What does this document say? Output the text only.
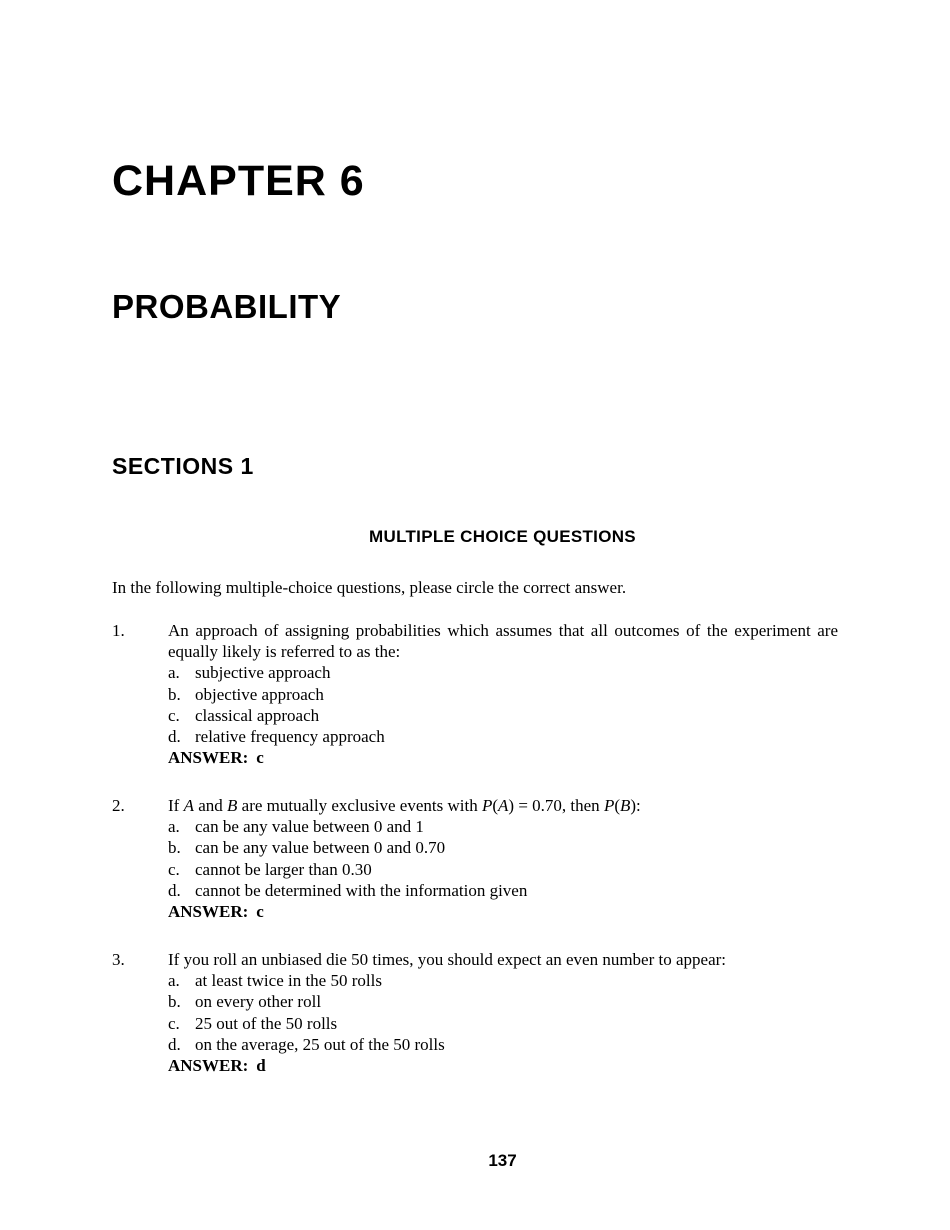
CHAPTER 6
PROBABILITY
SECTIONS 1
MULTIPLE CHOICE QUESTIONS
In the following multiple-choice questions, please circle the correct answer.
1.	An approach of assigning probabilities which assumes that all outcomes of the experiment are equally likely is referred to as the:
a. subjective approach
b. objective approach
c. classical approach
d. relative frequency approach
ANSWER: c
2.	If A and B are mutually exclusive events with P(A) = 0.70, then P(B):
a. can be any value between 0 and 1
b. can be any value between 0 and 0.70
c. cannot be larger than 0.30
d. cannot be determined with the information given
ANSWER: c
3.	If you roll an unbiased die 50 times, you should expect an even number to appear:
a. at least twice in the 50 rolls
b. on every other roll
c. 25 out of the 50 rolls
d. on the average, 25 out of the 50 rolls
ANSWER: d
137
